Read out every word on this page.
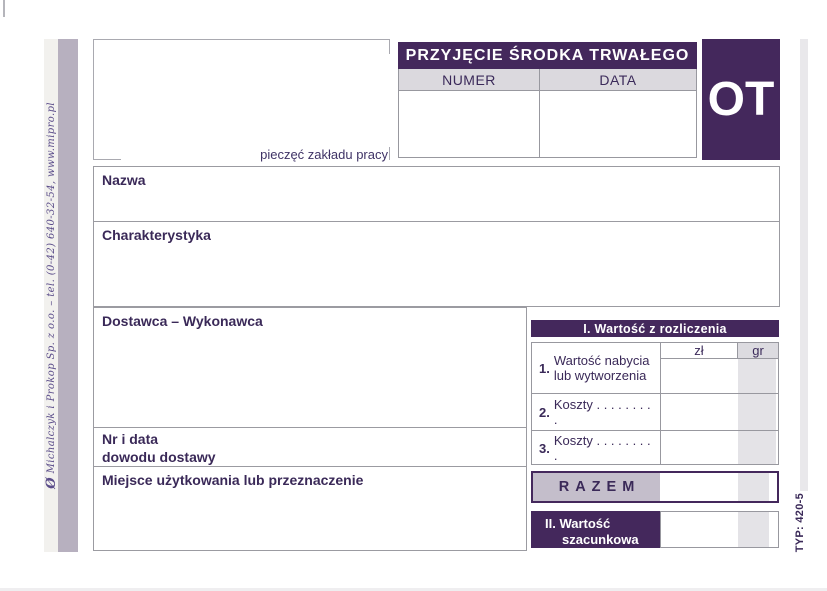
Ø Michalczyk i Prokop Sp. z o.o. – tel. (0-42) 640-32-54, www.mipro.pl	pieczęć zakładu pracy
PRZYJĘCIE ŚRODKA TRWAŁEGO
NUMER	DATA OT
Nazwa
Charakterystyka
Dostawca – Wykonawca
Nr i data
dowodu dostawy
Miejsce użytkowania lub przeznaczenie
I. Wartość z rozliczenia
zł	gr
1. Wartość nabycia lub wytworzenia
2. Koszty . . . . . . . . .
3. Koszty . . . . . . . . .
RAZEM
II. Wartość
szacunkowa	TYP: 420-5
